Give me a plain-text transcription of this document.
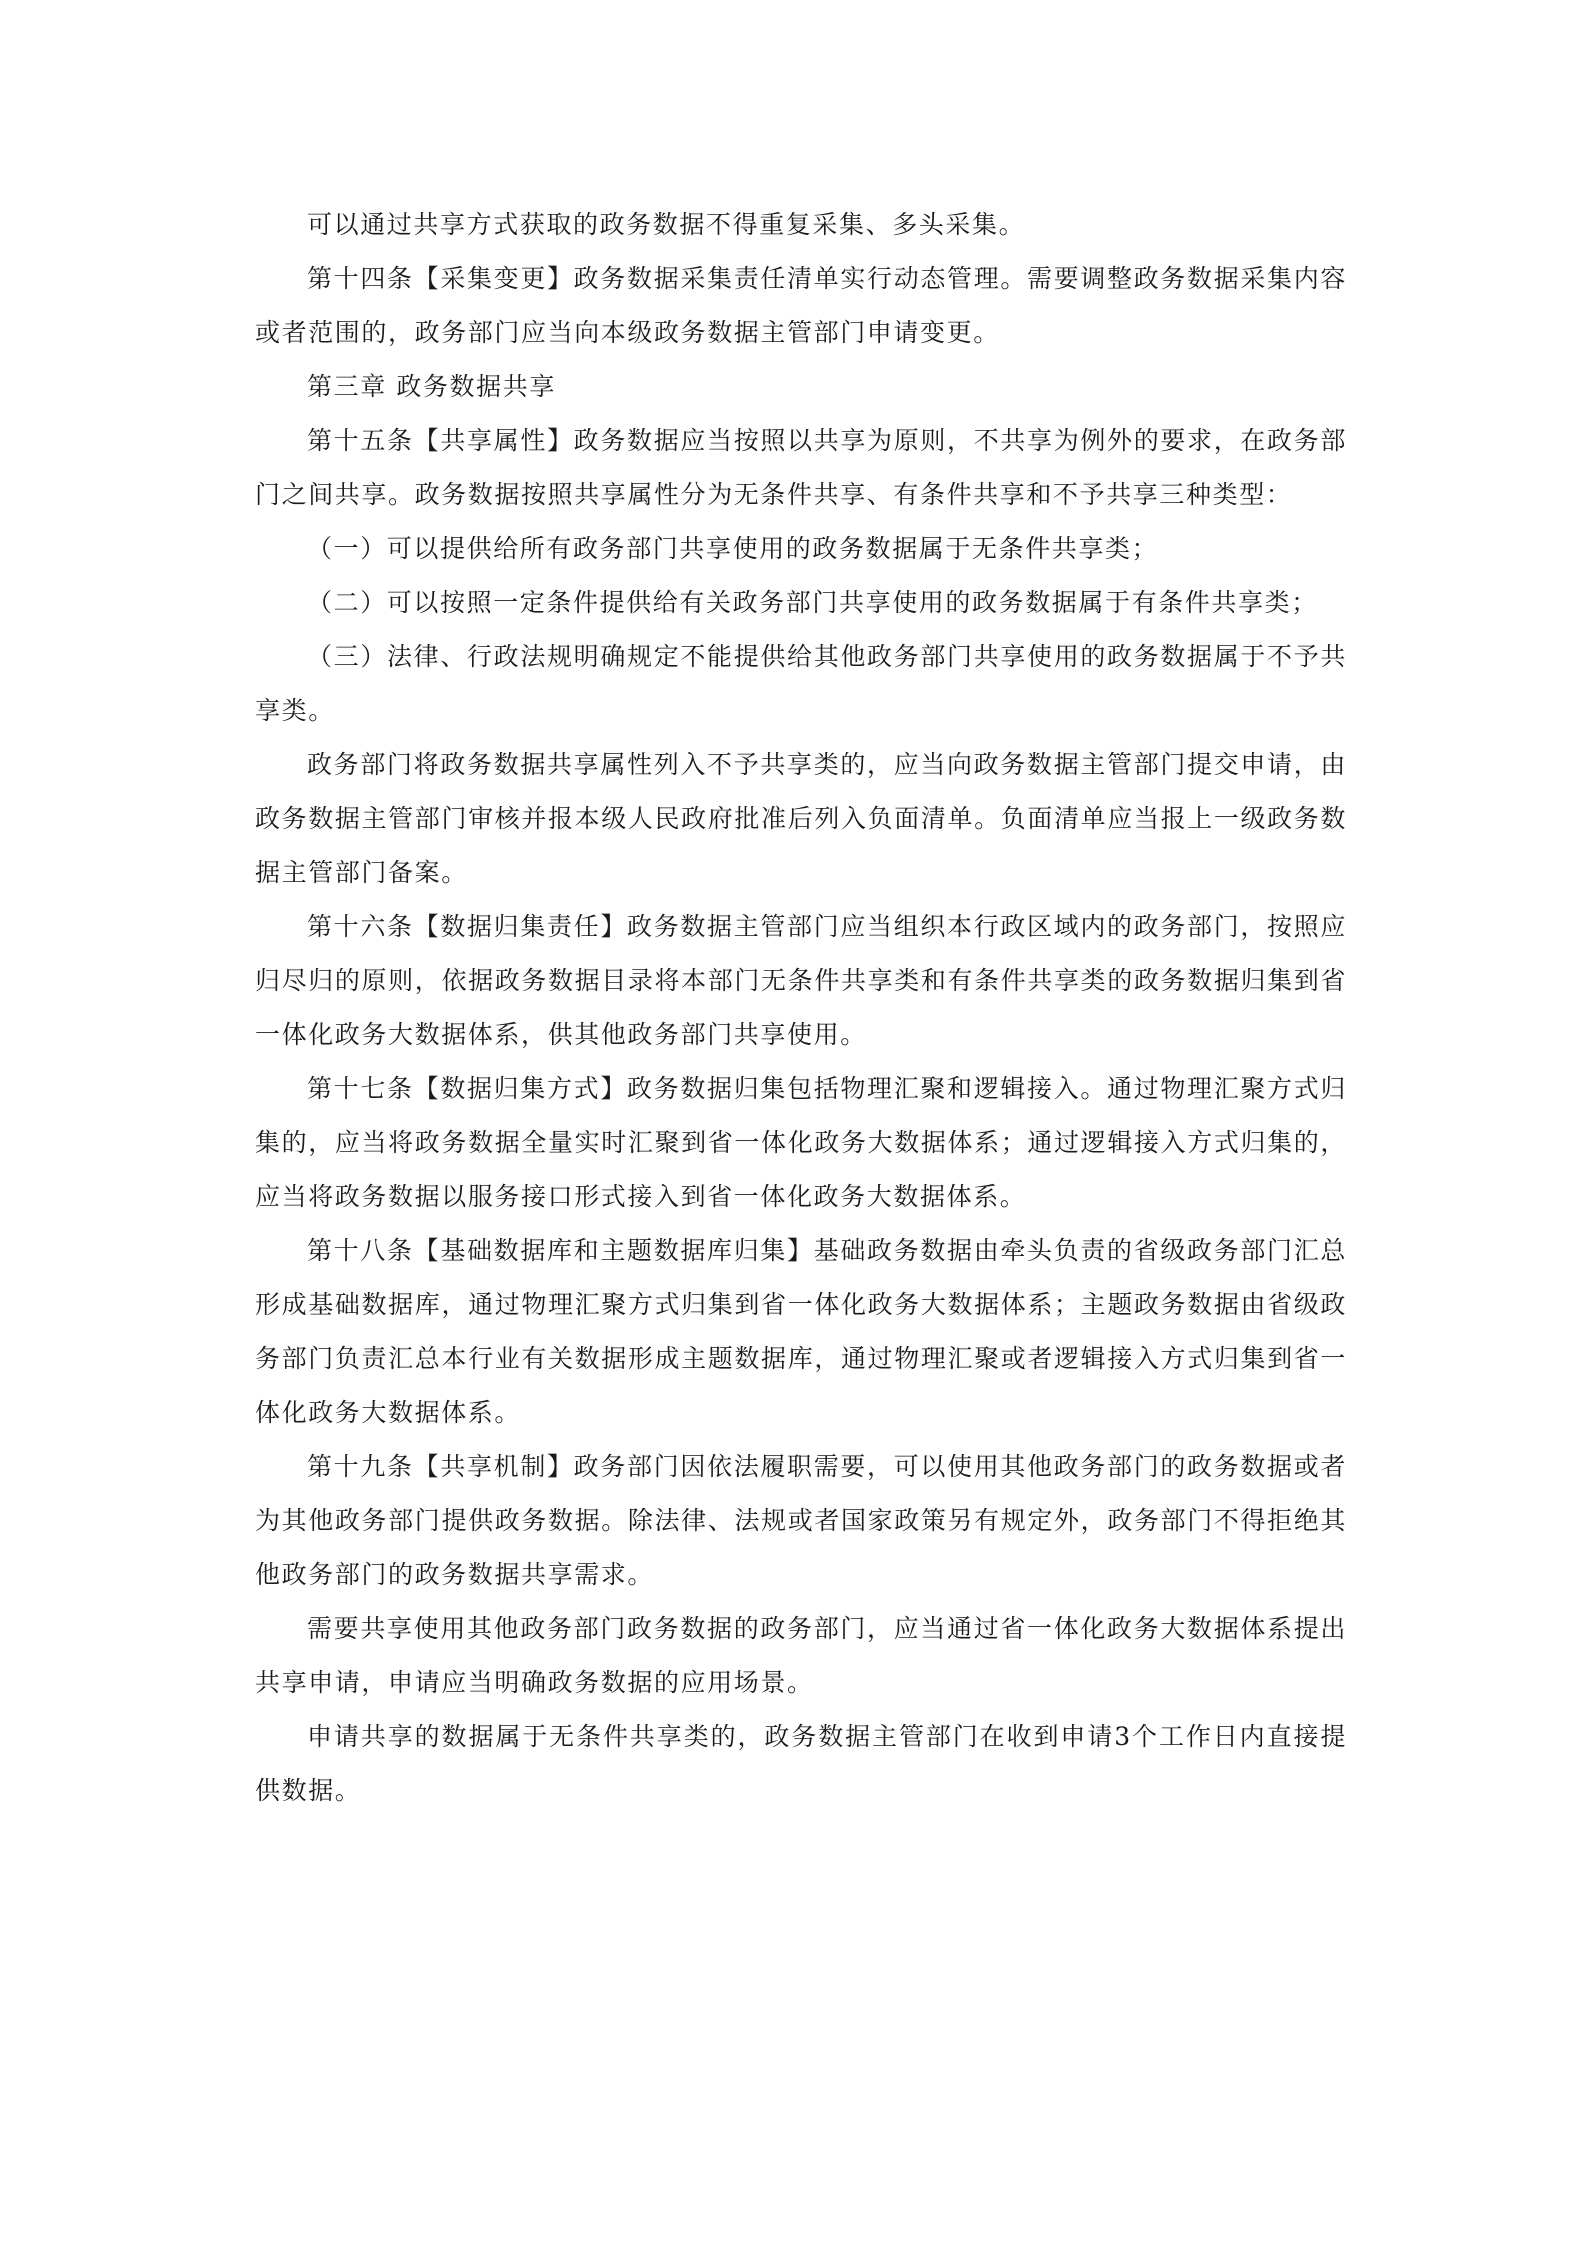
可以通过共享方式获取的政务数据不得重复采集、多头采集。

第十四条【采集变更】政务数据采集责任清单实行动态管理。需要调整政务数据采集内容或者范围的，政务部门应当向本级政务数据主管部门申请变更。

第三章 政务数据共享

第十五条【共享属性】政务数据应当按照以共享为原则，不共享为例外的要求，在政务部门之间共享。政务数据按照共享属性分为无条件共享、有条件共享和不予共享三种类型：

（一）可以提供给所有政务部门共享使用的政务数据属于无条件共享类；

（二）可以按照一定条件提供给有关政务部门共享使用的政务数据属于有条件共享类；

（三）法律、行政法规明确规定不能提供给其他政务部门共享使用的政务数据属于不予共享类。

政务部门将政务数据共享属性列入不予共享类的，应当向政务数据主管部门提交申请，由政务数据主管部门审核并报本级人民政府批准后列入负面清单。负面清单应当报上一级政务数据主管部门备案。

第十六条【数据归集责任】政务数据主管部门应当组织本行政区域内的政务部门，按照应归尽归的原则，依据政务数据目录将本部门无条件共享类和有条件共享类的政务数据归集到省一体化政务大数据体系，供其他政务部门共享使用。

第十七条【数据归集方式】政务数据归集包括物理汇聚和逻辑接入。通过物理汇聚方式归集的，应当将政务数据全量实时汇聚到省一体化政务大数据体系；通过逻辑接入方式归集的，应当将政务数据以服务接口形式接入到省一体化政务大数据体系。

第十八条【基础数据库和主题数据库归集】基础政务数据由牵头负责的省级政务部门汇总形成基础数据库，通过物理汇聚方式归集到省一体化政务大数据体系；主题政务数据由省级政务部门负责汇总本行业有关数据形成主题数据库，通过物理汇聚或者逻辑接入方式归集到省一体化政务大数据体系。

第十九条【共享机制】政务部门因依法履职需要，可以使用其他政务部门的政务数据或者为其他政务部门提供政务数据。除法律、法规或者国家政策另有规定外，政务部门不得拒绝其他政务部门的政务数据共享需求。

需要共享使用其他政务部门政务数据的政务部门，应当通过省一体化政务大数据体系提出共享申请，申请应当明确政务数据的应用场景。

申请共享的数据属于无条件共享类的，政务数据主管部门在收到申请3个工作日内直接提供数据。
